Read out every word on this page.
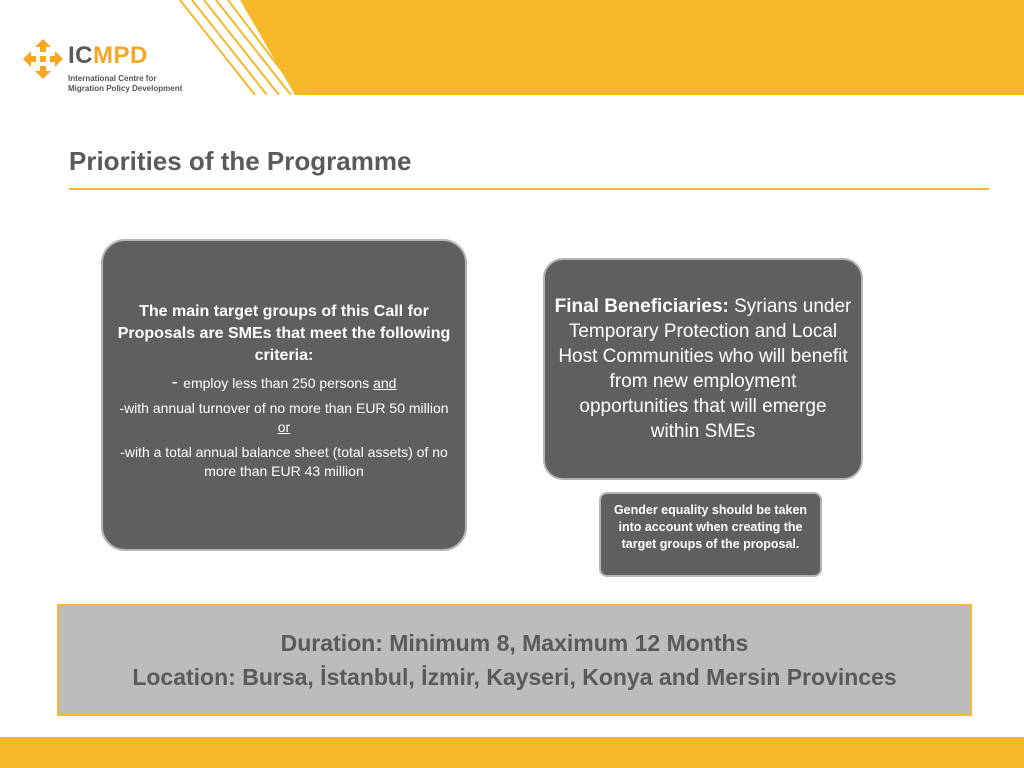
ICMPD
International Centre for
Migration Policy Development
Priorities of the Programme

The main target groups of this Call for Proposals are SMEs that meet the following criteria:

- employ less than 250 persons and

-with annual turnover of no more than EUR 50 million or

-with a total annual balance sheet (total assets) of no more than EUR 43 million

Final Beneficiaries: Syrians under Temporary Protection and Local Host Communities who will benefit from new employment opportunities that will emerge within SMEs

Gender equality should be taken into account when creating the target groups of the proposal.

Duration: Minimum 8, Maximum 12 Months
Location: Bursa, İstanbul, İzmir, Kayseri, Konya and Mersin Provinces
